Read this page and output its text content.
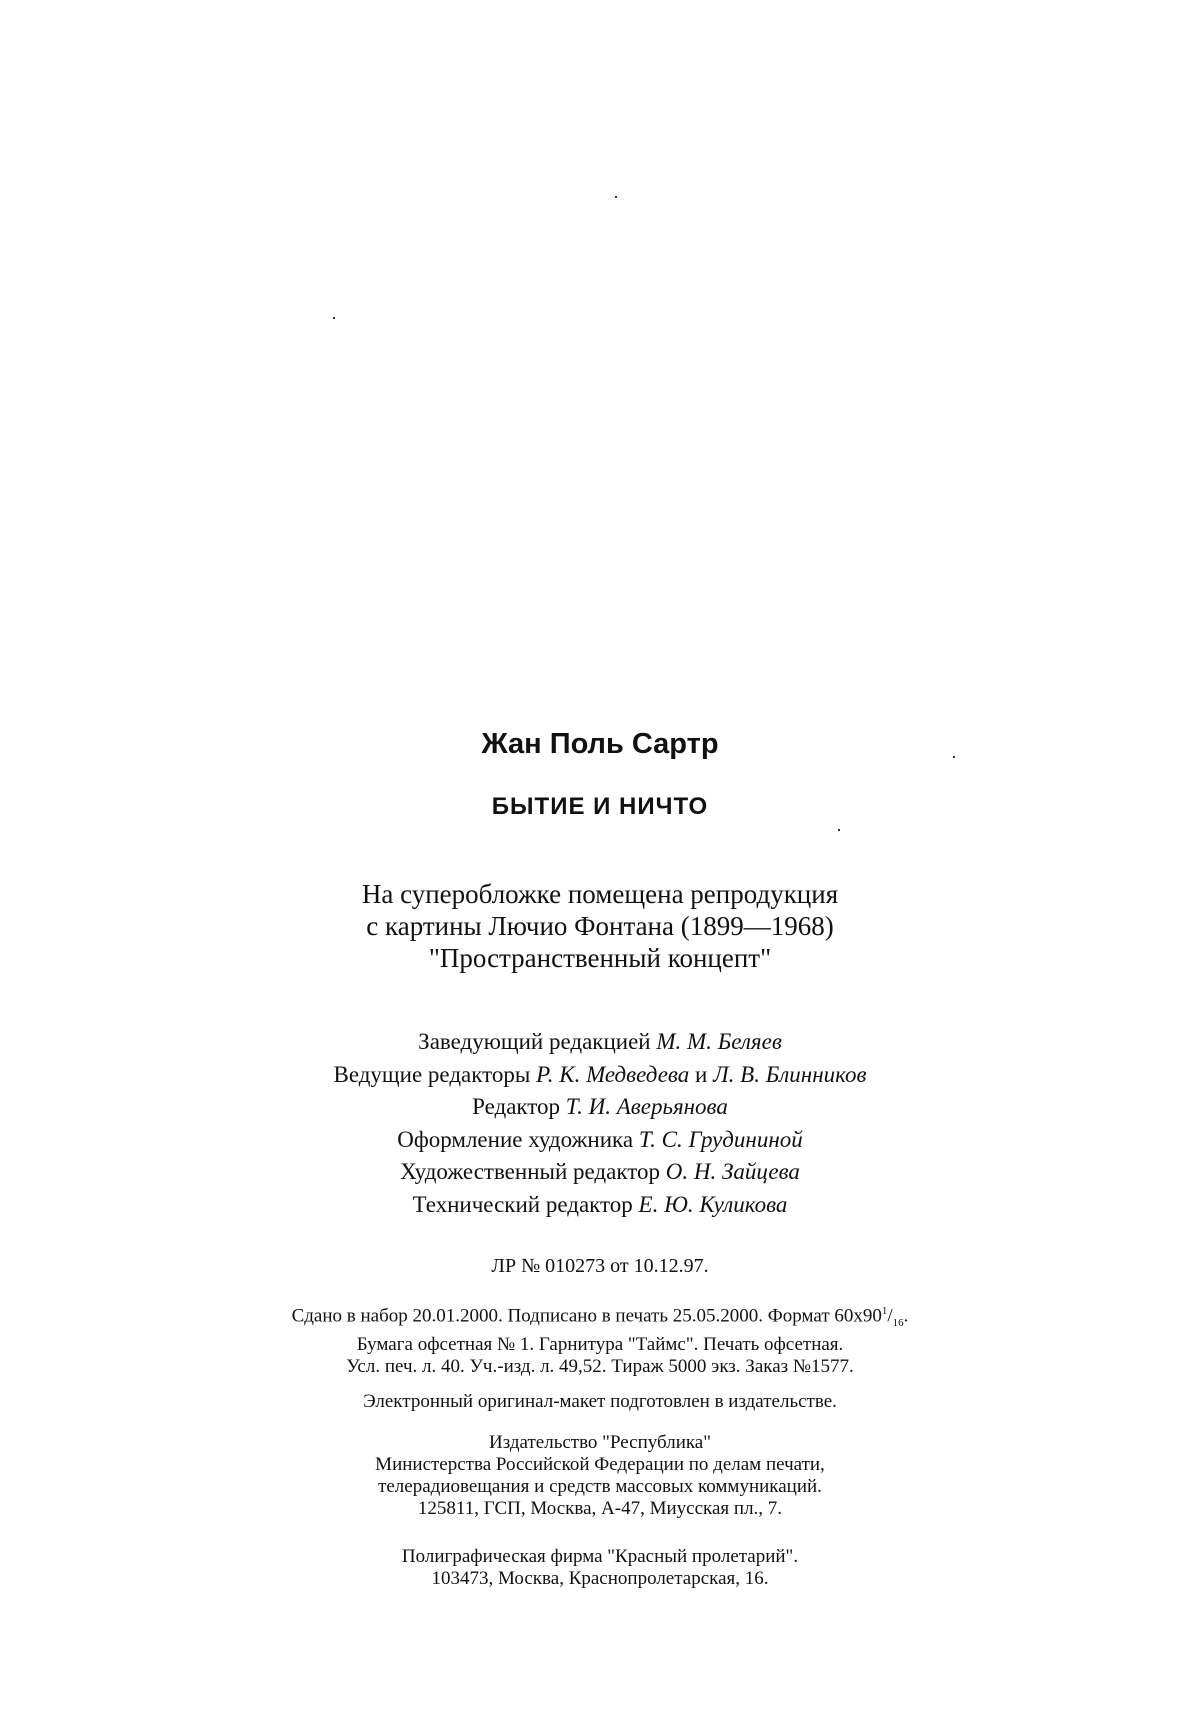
Жан Поль Сартр
БЫТИЕ И НИЧТО
На суперобложке помещена репродукция
с картины Лючио Фонтана (1899—1968)
"Пространственный концепт"
Заведующий редакцией М. М. Беляев
Ведущие редакторы Р. К. Медведева и Л. В. Блинников
Редактор Т. И. Аверьянова
Оформление художника Т. С. Грудининой
Художественный редактор О. Н. Зайцева
Технический редактор Е. Ю. Куликова
ЛР № 010273 от 10.12.97.
Сдано в набор 20.01.2000. Подписано в печать 25.05.2000. Формат $60x90^1/_{16}$.
Бумага офсетная № 1. Гарнитура "Таймс". Печать офсетная.
Усл. печ. л. 40. Уч.-изд. л. 49,52. Тираж 5000 экз. Заказ №1577.
Электронный оригинал-макет подготовлен в издательстве.
Издательство "Республика"
Министерства Российской Федерации по делам печати,
телерадиовещания и средств массовых коммуникаций.
125811, ГСП, Москва, А-47, Миусская пл., 7.
Полиграфическая фирма "Красный пролетарий".
103473, Москва, Краснопролетарская, 16.
